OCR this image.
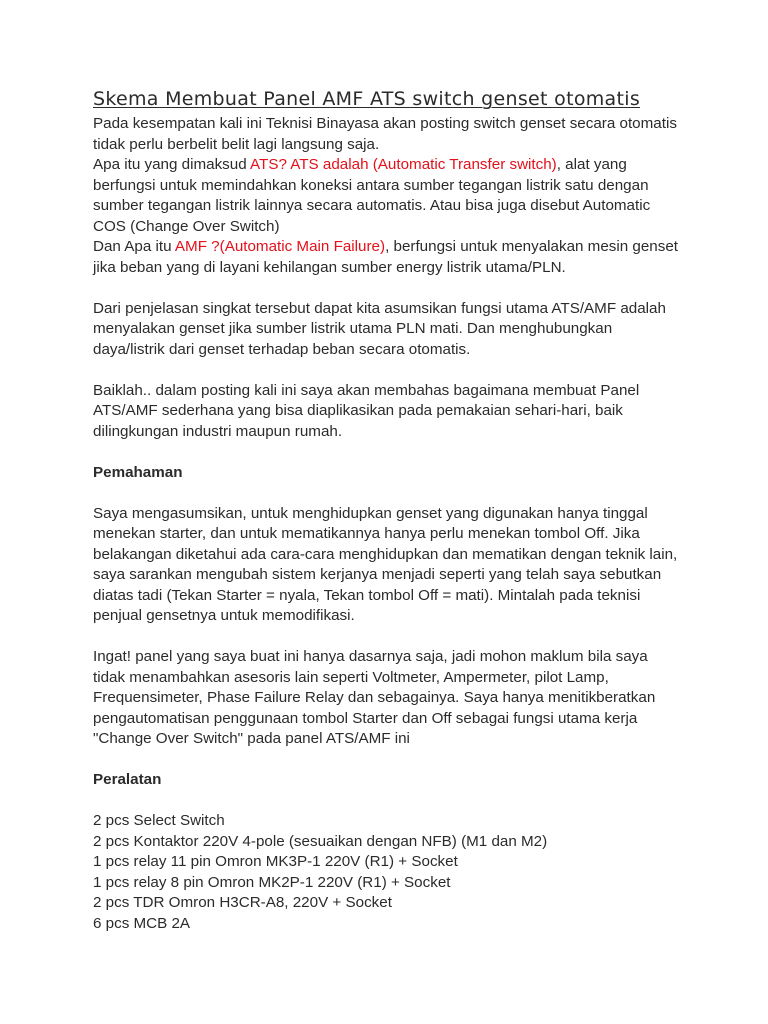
Skema Membuat Panel AMF ATS switch genset otomatis

Pada kesempatan kali ini Teknisi Binayasa akan posting switch genset secara otomatis tidak perlu berbelit belit lagi langsung saja.

Apa itu yang dimaksud ATS? ATS adalah (Automatic Transfer switch), alat yang berfungsi untuk memindahkan koneksi antara sumber tegangan listrik satu dengan sumber tegangan listrik lainnya secara automatis. Atau bisa juga disebut Automatic COS (Change Over Switch)

Dan Apa itu AMF ?(Automatic Main Failure), berfungsi untuk menyalakan mesin genset jika beban yang di layani kehilangan sumber energy listrik utama/PLN.

Dari penjelasan singkat tersebut dapat kita asumsikan fungsi utama ATS/AMF adalah menyalakan genset jika sumber listrik utama PLN mati. Dan menghubungkan daya/listrik dari genset terhadap beban secara otomatis.

Baiklah.. dalam posting kali ini saya akan membahas bagaimana membuat Panel ATS/AMF sederhana yang bisa diaplikasikan pada pemakaian sehari-hari, baik dilingkungan industri maupun rumah.

Pemahaman

Saya mengasumsikan, untuk menghidupkan genset yang digunakan hanya tinggal menekan starter, dan untuk mematikannya hanya perlu menekan tombol Off. Jika belakangan diketahui ada cara-cara menghidupkan dan mematikan dengan teknik lain, saya sarankan mengubah sistem kerjanya menjadi seperti yang telah saya sebutkan diatas tadi (Tekan Starter = nyala, Tekan tombol Off = mati). Mintalah pada teknisi penjual gensetnya untuk memodifikasi.

Ingat! panel yang saya buat ini hanya dasarnya saja, jadi mohon maklum bila saya tidak menambahkan asesoris lain seperti Voltmeter, Ampermeter, pilot Lamp, Frequensimeter, Phase Failure Relay dan sebagainya. Saya hanya menitikberatkan pengautomatisan penggunaan tombol Starter dan Off sebagai fungsi utama kerja "Change Over Switch" pada panel ATS/AMF ini

Peralatan

2 pcs Select Switch
2 pcs Kontaktor 220V 4-pole (sesuaikan dengan NFB) (M1 dan M2)
1 pcs relay 11 pin Omron MK3P-1 220V (R1) + Socket
1 pcs relay 8 pin Omron MK2P-1 220V (R1) + Socket
2 pcs TDR Omron H3CR-A8, 220V + Socket
6 pcs MCB 2A
